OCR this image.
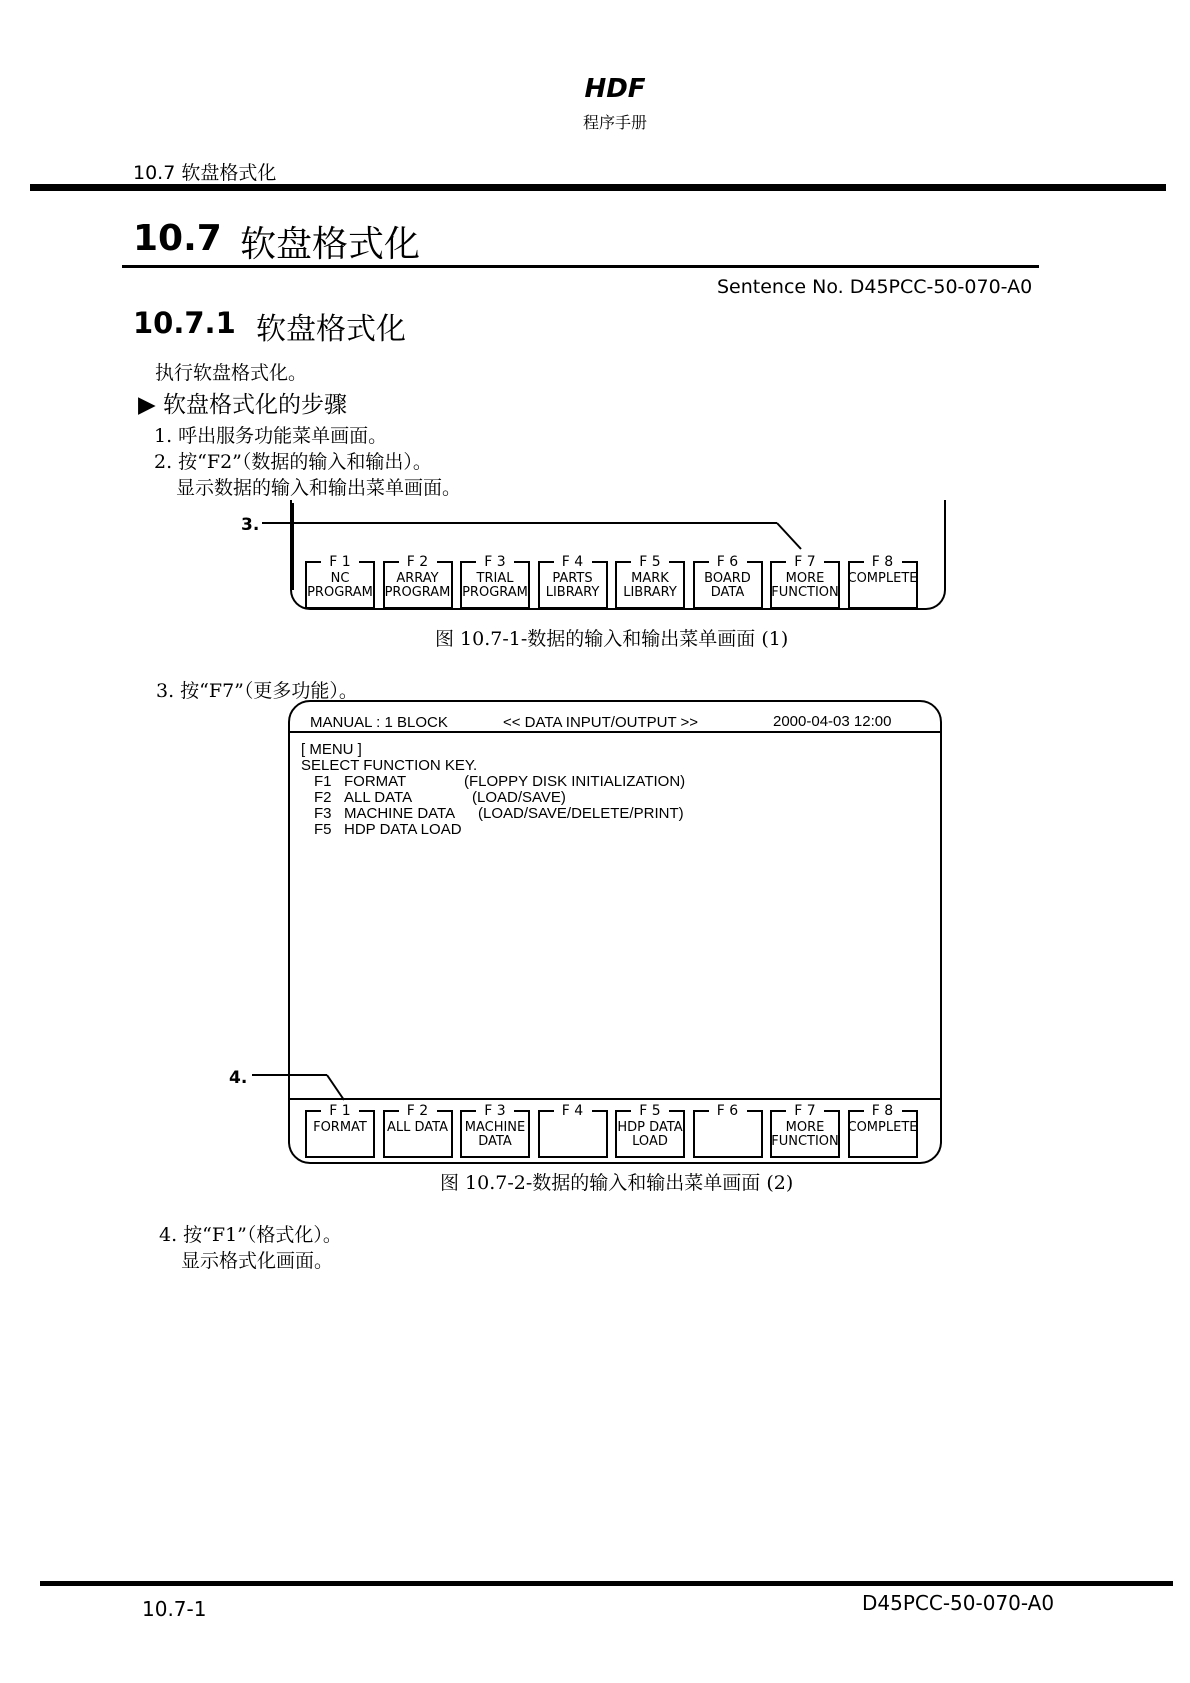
HDF
程序手册
10.7 软盘格式化
10.7 软盘格式化
Sentence No. D45PCC-50-070-A0
10.7.1 软盘格式化
执行软盘格式化。
▶ 软盘格式化的步骤
1. 呼出服务功能菜单画面。
2. 按“F2”（数据的输入和输出）。
显示数据的输入和输出菜单画面。
3.
F 1
NC
PROGRAM
F 2
ARRAY
PROGRAM
F 3
TRIAL
PROGRAM
F 4
PARTS
LIBRARY
F 5
MARK
LIBRARY
F 6
BOARD
DATA
F 7
MORE
FUNCTION
F 8
COMPLETE
图 10.7-1-数据的输入和输出菜单画面 (1)
3. 按“F7”（更多功能）。
MANUAL : 1 BLOCK	<< DATA INPUT/OUTPUT >>	2000-04-03 12:00
[ MENU ]
SELECT FUNCTION KEY.
F1 FORMAT	(FLOPPY DISK INITIALIZATION)
F2 ALL DATA	(LOAD/SAVE)
F3 MACHINE DATA (LOAD/SAVE/DELETE/PRINT)
F5 HDP DATA LOAD
4.
F 1
FORMAT
F 2
ALL DATA
F 3
MACHINE
DATA
F 4	F 5
HDP DATA
LOAD
F 6	F 7
MORE
FUNCTION
F 8
COMPLETE
图 10.7-2-数据的输入和输出菜单画面 (2)
4. 按“F1”（格式化）。
显示格式化画面。
10.7-1	D45PCC-50-070-A0
